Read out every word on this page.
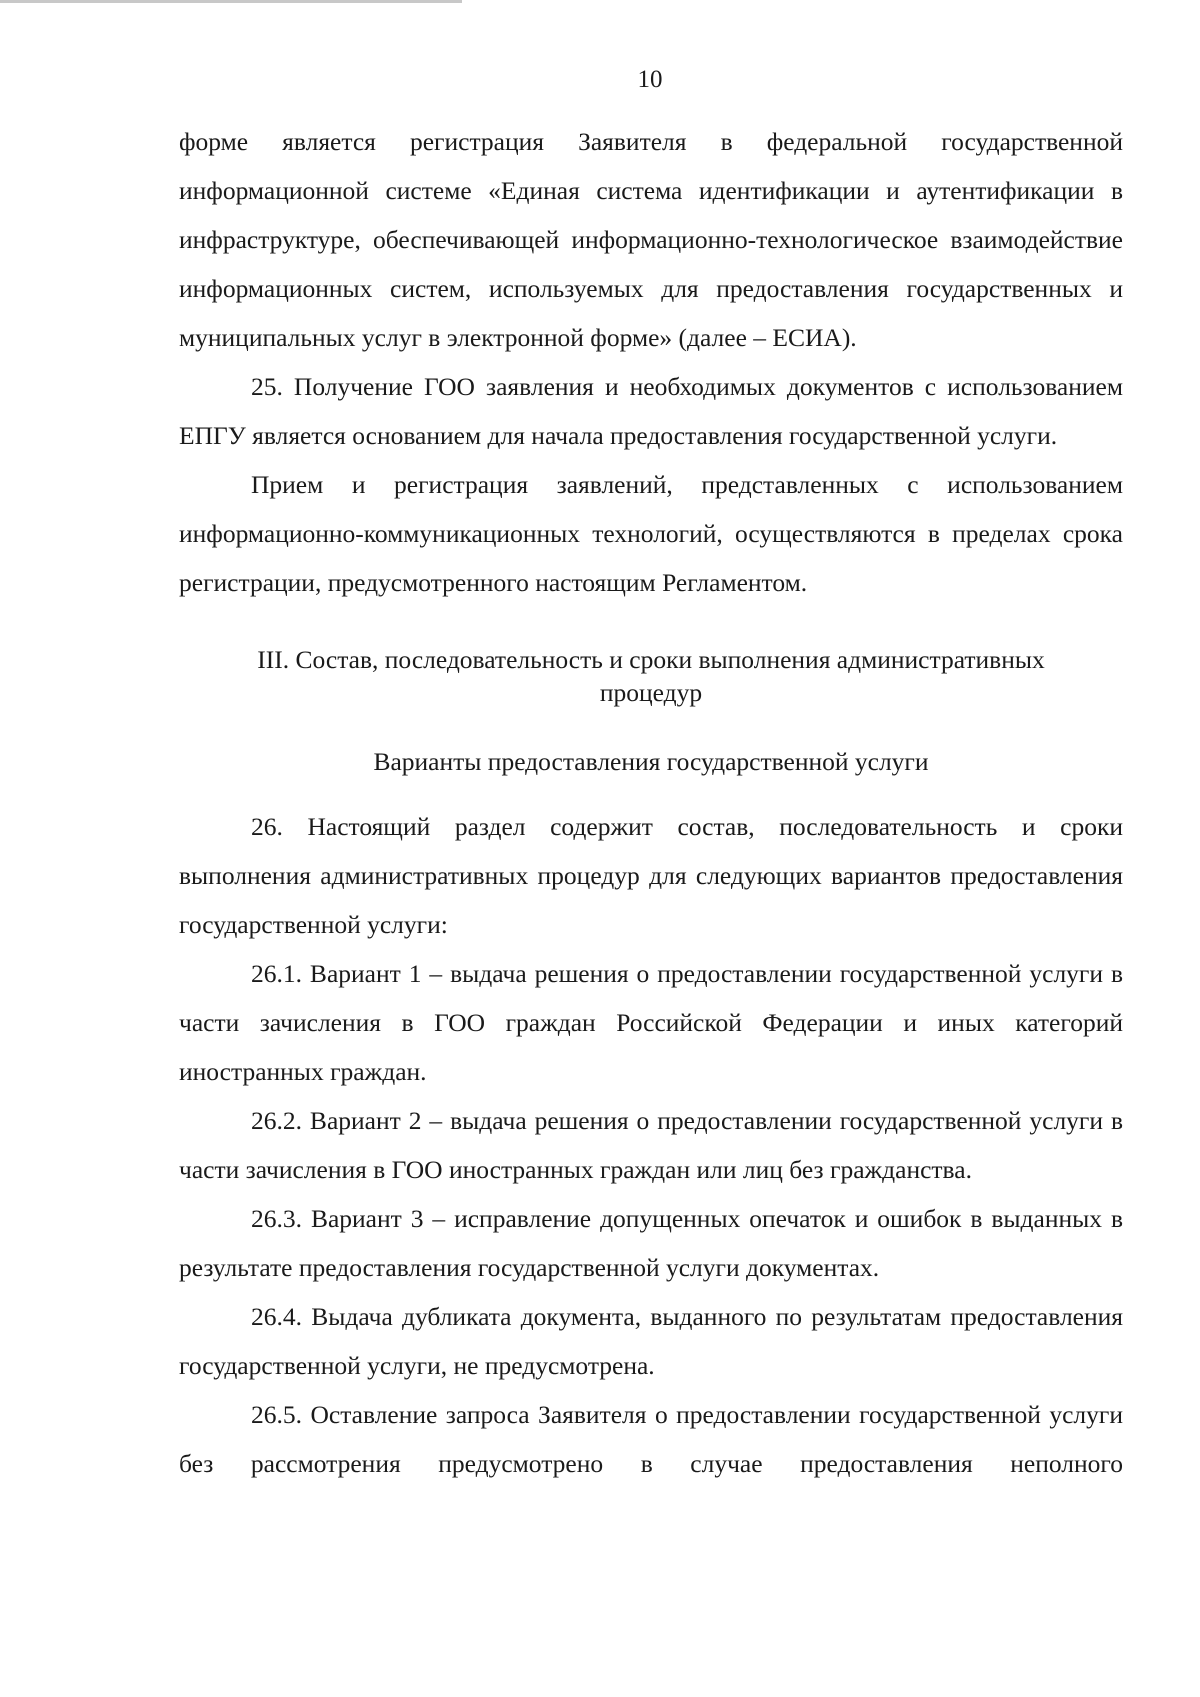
10

форме является регистрация Заявителя в федеральной государственной информационной системе «Единая система идентификации и аутентификации в инфраструктуре, обеспечивающей информационно-технологическое взаимодействие информационных систем, используемых для предоставления государственных и муниципальных услуг в электронной форме» (далее – ЕСИА).

25. Получение ГОО заявления и необходимых документов с использованием ЕПГУ является основанием для начала предоставления государственной услуги.

Прием и регистрация заявлений, представленных с использованием информационно-коммуникационных технологий, осуществляются в пределах срока регистрации, предусмотренного настоящим Регламентом.

III. Состав, последовательность и сроки выполнения административных
процедур

Варианты предоставления государственной услуги

26. Настоящий раздел содержит состав, последовательность и сроки выполнения административных процедур для следующих вариантов предоставления государственной услуги:

26.1. Вариант 1 – выдача решения о предоставлении государственной услуги в части зачисления в ГОО граждан Российской Федерации и иных категорий иностранных граждан.

26.2. Вариант 2 – выдача решения о предоставлении государственной услуги в части зачисления в ГОО иностранных граждан или лиц без гражданства.

26.3. Вариант 3 – исправление допущенных опечаток и ошибок в выданных в результате предоставления государственной услуги документах.

26.4. Выдача дубликата документа, выданного по результатам предоставления государственной услуги, не предусмотрена.

26.5. Оставление запроса Заявителя о предоставлении государственной услуги без рассмотрения предусмотрено в случае предоставления неполного
